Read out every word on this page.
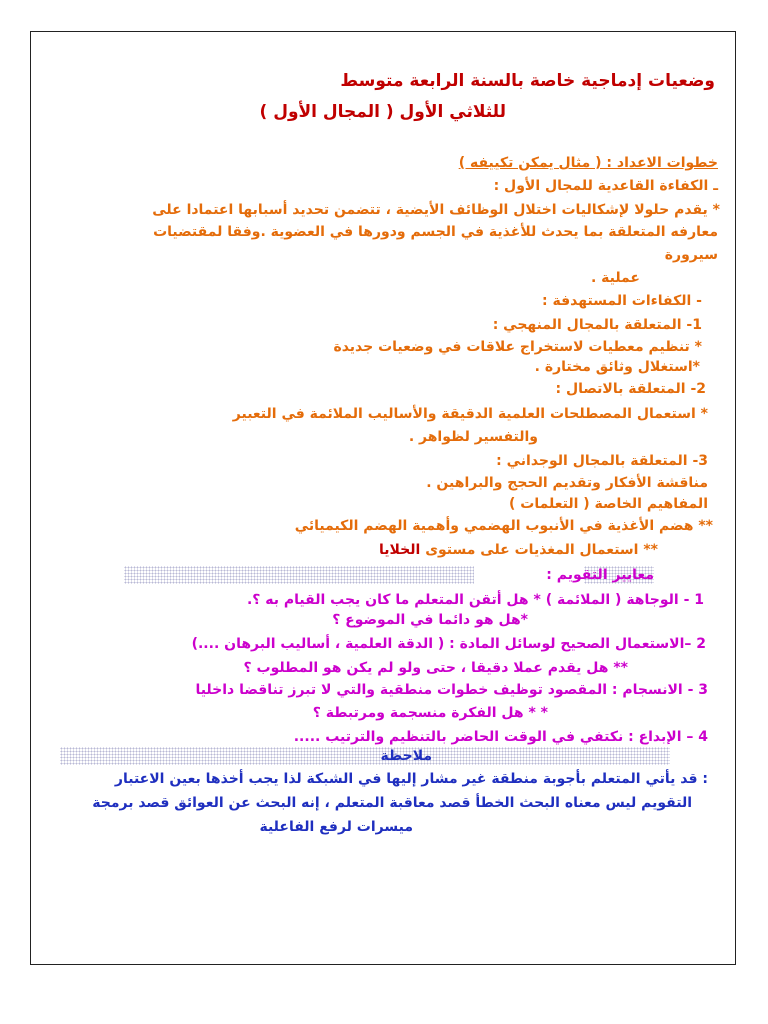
وضعيات إدماجية خاصة بالسنة الرابعة متوسط
للثلاثي الأول ( المجال الأول )
خطوات الاعداد : ( مثال يمكن تكييفه )
ـ الكفاءة القاعدية للمجال الأول :
* يقدم حلولا لإشكاليات اختلال الوظائف الأيضية ، تتضمن تحديد أسبابها اعتمادا على
معارفه المتعلقة بما يحدث للأغذية في الجسم ودورها في العضوية .وفقا لمقتضيات
سيرورة
عملية .
- الكفاءات المستهدفة :
1- المتعلقة بالمجال المنهجي :
* تنظيم معطيات لاستخراج علاقات في وضعيات جديدة
*استغلال وثائق مختارة .
2- المتعلقة بالاتصال :
* استعمال المصطلحات العلمية الدقيقة والأساليب الملائمة في التعبير
والتفسير لظواهر .
3- المتعلقة بالمجال الوجداني :
مناقشة الأفكار وتقديم الحجج والبراهين .
المفاهيم الخاصة ( التعلمات )
** هضم الأغذية في الأنبوب الهضمي وأهمية الهضم الكيميائي
** استعمال المغذيات على مستوى الخلايا
معايير التقويم :
1 - الوجاهة ( الملائمة ) * هل أتقن المتعلم ما كان يجب القيام به ؟.
*هل هو دائما في الموضوع ؟
2 –الاستعمال الصحيح لوسائل المادة : ( الدقة العلمية ، أساليب البرهان ....)
** هل يقدم عملا دقيقا ، حتى ولو لم يكن هو المطلوب ؟
3 - الانسجام : المقصود توظيف خطوات منطقية والتي لا تبرز تناقضا داخليا
* * هل الفكرة منسجمة ومرتبطة ؟
4 – الإبداع : نكتفي في الوقت الحاضر بالتنظيم والترتيب .....
ملاحظة
: قد يأتي المتعلم بأجوبة منطقة غير مشار إليها في الشبكة لذا يجب أخذها بعين الاعتبار
التقويم ليس معناه البحث الخطأ قصد معاقبة المتعلم ، إنه البحث عن العوائق قصد برمجة
ميسرات لرفع الفاعلية
